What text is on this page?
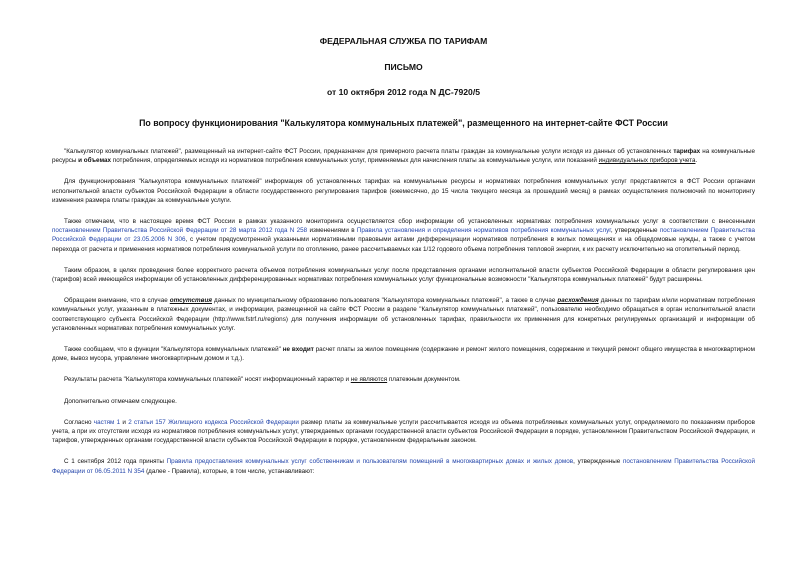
ФЕДЕРАЛЬНАЯ СЛУЖБА ПО ТАРИФАМ
ПИСЬМО
от 10 октября 2012 года N ДС-7920/5
По вопросу функционирования "Калькулятора коммунальных платежей", размещенного на интернет-сайте ФСТ России

"Калькулятор коммунальных платежей", размещенный на интернет-сайте ФСТ России, предназначен для примерного расчета платы граждан за коммунальные услуги исходя из данных об установленных тарифах на коммунальные ресурсы и объемах потребления, определяемых исходя из нормативов потребления коммунальных услуг, применяемых для начисления платы за коммунальные услуги, или показаний индивидуальных приборов учета.

Для функционирования "Калькулятора коммунальных платежей" информация об установленных тарифах на коммунальные ресурсы и нормативах потребления коммунальных услуг представляется в ФСТ России органами исполнительной власти субъектов Российской Федерации в области государственного регулирования тарифов (ежемесячно, до 15 числа текущего месяца за прошедший месяц) в рамках осуществления полномочий по мониторингу изменения размера платы граждан за коммунальные услуги.

Также отмечаем, что в настоящее время ФСТ России в рамках указанного мониторинга осуществляется сбор информации об установленных нормативах потребления коммунальных услуг в соответствии с внесенными постановлением Правительства Российской Федерации от 28 марта 2012 года N 258 изменениями в Правила установления и определения нормативов потребления коммунальных услуг, утвержденные постановлением Правительства Российской Федерации от 23.05.2006 N 306, с учетом предусмотренной указанными нормативными правовыми актами дифференциации нормативов потребления в жилых помещениях и на общедомовые нужды, а также с учетом перехода от расчета и применения нормативов потребления коммунальной услуги по отоплению, ранее рассчитываемых как 1/12 годового объема потребления тепловой энергии, к их расчету исключительно на отопительный период.

Таким образом, в целях проведения более корректного расчета объемов потребления коммунальных услуг после представления органами исполнительной власти субъектов Российской Федерации в области регулирования цен (тарифов) всей имеющейся информации об установленных дифференцированных нормативах потребления коммунальных услуг функциональные возможности "Калькулятора коммунальных платежей" будут расширены.

Обращаем внимание, что в случае отсутствия данных по муниципальному образованию пользователя "Калькулятора коммунальных платежей", а также в случае расхождения данных по тарифам и/или нормативам потребления коммунальных услуг, указанным в платежных документах, и информации, размещенной на сайте ФСТ России в разделе "Калькулятор коммунальных платежей", пользователю необходимо обращаться в орган исполнительной власти соответствующего субъекта Российской Федерации (http://www.fstrf.ru/regions) для получения информации об установленных тарифах, правильности их применения для конкретных регулируемых организаций и информации об установленных нормативах потребления коммунальных услуг.

Также сообщаем, что в функции "Калькулятора коммунальных платежей" не входит расчет платы за жилое помещение (содержание и ремонт жилого помещения, содержание и текущий ремонт общего имущества в многоквартирном доме, вывоз мусора, управление многоквартирным домом и т.д.).

Результаты расчета "Калькулятора коммунальных платежей" носят информационный характер и не являются платежным документом.

Дополнительно отмечаем следующее.

Согласно частям 1 и 2 статьи 157 Жилищного кодекса Российской Федерации размер платы за коммунальные услуги рассчитывается исходя из объема потребляемых коммунальных услуг, определяемого по показаниям приборов учета, а при их отсутствии исходя из нормативов потребления коммунальных услуг, утверждаемых органами государственной власти субъектов Российской Федерации в порядке, установленном Правительством Российской Федерации, и тарифов, утвержденных органами государственной власти субъектов Российской Федерации в порядке, установленном федеральным законом.

С 1 сентября 2012 года приняты Правила предоставления коммунальных услуг собственникам и пользователям помещений в многоквартирных домах и жилых домов, утвержденные постановлением Правительства Российской Федерации от 06.05.2011 N 354 (далее - Правила), которые, в том числе, устанавливают:
